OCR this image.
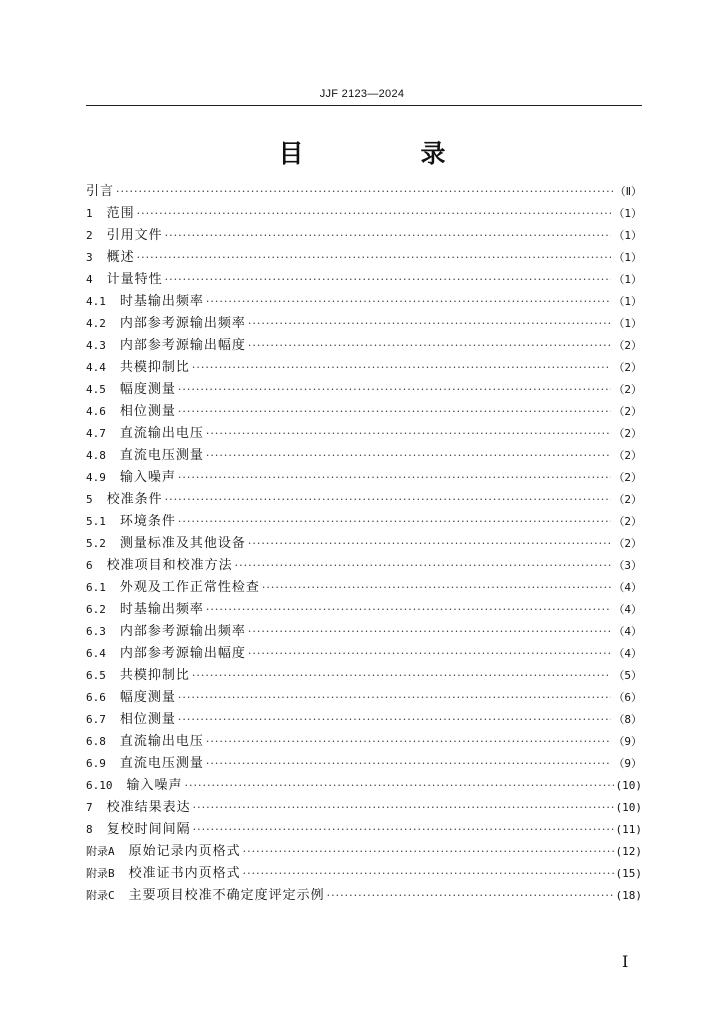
JJF 2123—2024
目　录
引言 ·····	（Ⅱ）
1 范围 ·····	（1）
2 引用文件 ·····	（1）
3 概述 ·····	（1）
4 计量特性 ·····	（1）
4.1 时基输出频率 ·····	（1）
4.2 内部参考源输出频率 ·····	（1）
4.3 内部参考源输出幅度 ·····	（2）
4.4 共模抑制比 ·····	（2）
4.5 幅度测量 ·····	（2）
4.6 相位测量 ·····	（2）
4.7 直流输出电压 ·····	（2）
4.8 直流电压测量 ·····	（2）
4.9 输入噪声 ·····	（2）
5 校准条件 ·····	（2）
5.1 环境条件 ·····	（2）
5.2 测量标准及其他设备 ·····	（2）
6 校准项目和校准方法 ·····	（3）
6.1 外观及工作正常性检查 ·····	（4）
6.2 时基输出频率 ·····	（4）
6.3 内部参考源输出频率 ·····	（4）
6.4 内部参考源输出幅度 ·····	（4）
6.5 共模抑制比 ·····	（5）
6.6 幅度测量 ·····	（6）
6.7 相位测量 ·····	（8）
6.8 直流输出电压 ·····	（9）
6.9 直流电压测量 ·····	（9）
6.10 输入噪声 ·····	(10)
7 校准结果表达 ·····	(10)
8 复校时间间隔 ·····	(11)
附录A 原始记录内页格式 ·····	(12)
附录B 校准证书内页格式 ·····	(15)
附录C 主要项目校准不确定度评定示例 ·····	(18)
I
